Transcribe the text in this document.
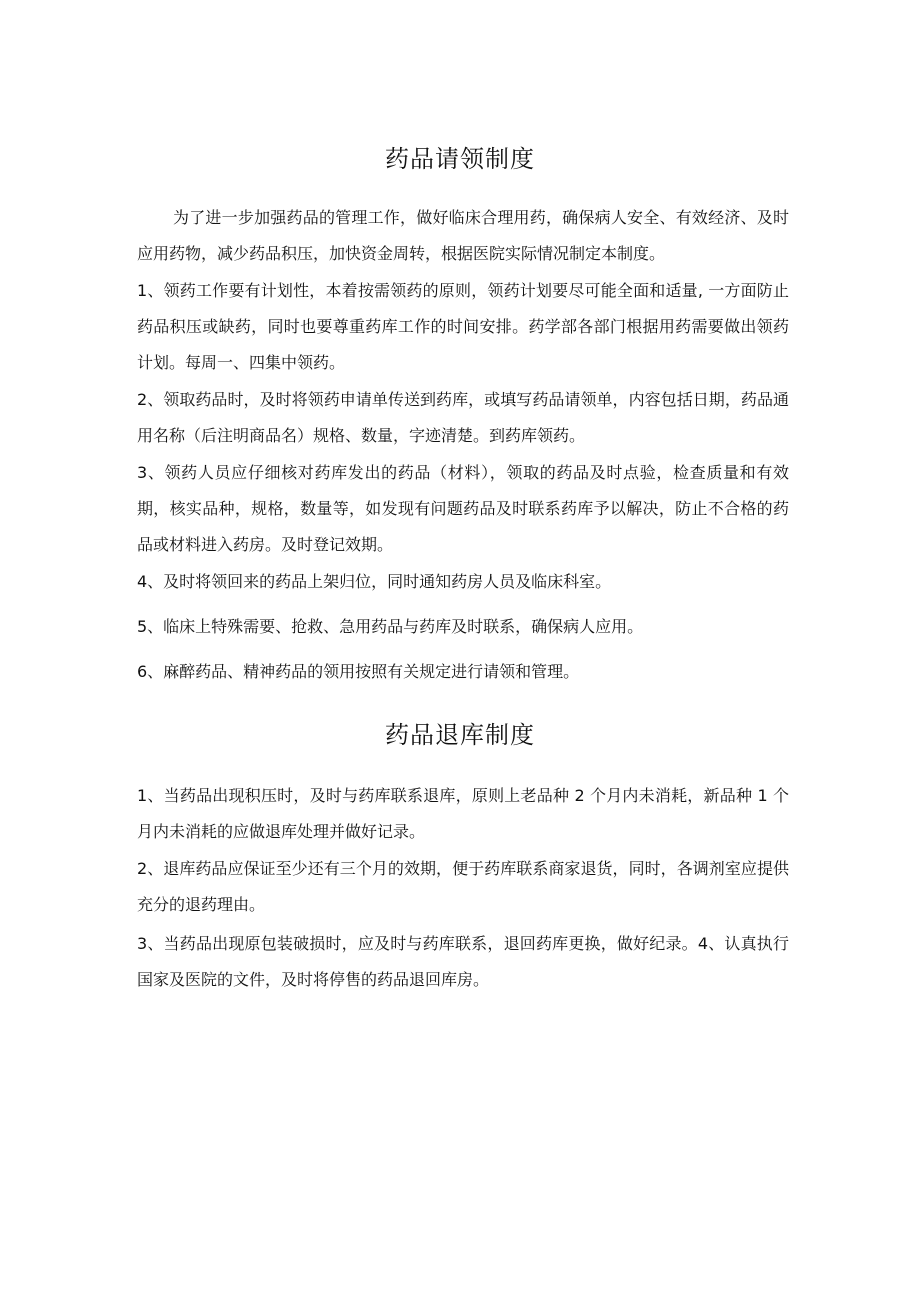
药品请领制度

为了进一步加强药品的管理工作，做好临床合理用药，确保病人安全、有效经济、及时应用药物，减少药品积压，加快资金周转，根据医院实际情况制定本制度。

1、领药工作要有计划性，本着按需领药的原则，领药计划要尽可能全面和适量, 一方面防止药品积压或缺药，同时也要尊重药库工作的时间安排。药学部各部门根据用药需要做出领药计划。每周一、四集中领药。

2、领取药品时，及时将领药申请单传送到药库，或填写药品请领单，内容包括日期，药品通用名称（后注明商品名）规格、数量，字迹清楚。到药库领药。

3、领药人员应仔细核对药库发出的药品（材料），领取的药品及时点验，检查质量和有效期，核实品种，规格，数量等，如发现有问题药品及时联系药库予以解决，防止不合格的药品或材料进入药房。及时登记效期。

4、及时将领回来的药品上架归位，同时通知药房人员及临床科室。

5、临床上特殊需要、抢救、急用药品与药库及时联系，确保病人应用。

6、麻醉药品、精神药品的领用按照有关规定进行请领和管理。

药品退库制度

1、当药品出现积压时，及时与药库联系退库，原则上老品种 2 个月内未消耗，新品种 1 个月内未消耗的应做退库处理并做好记录。

2、退库药品应保证至少还有三个月的效期，便于药库联系商家退货，同时，各调剂室应提供充分的退药理由。

3、当药品出现原包装破损时，应及时与药库联系，退回药库更换，做好纪录。4、认真执行国家及医院的文件，及时将停售的药品退回库房。
